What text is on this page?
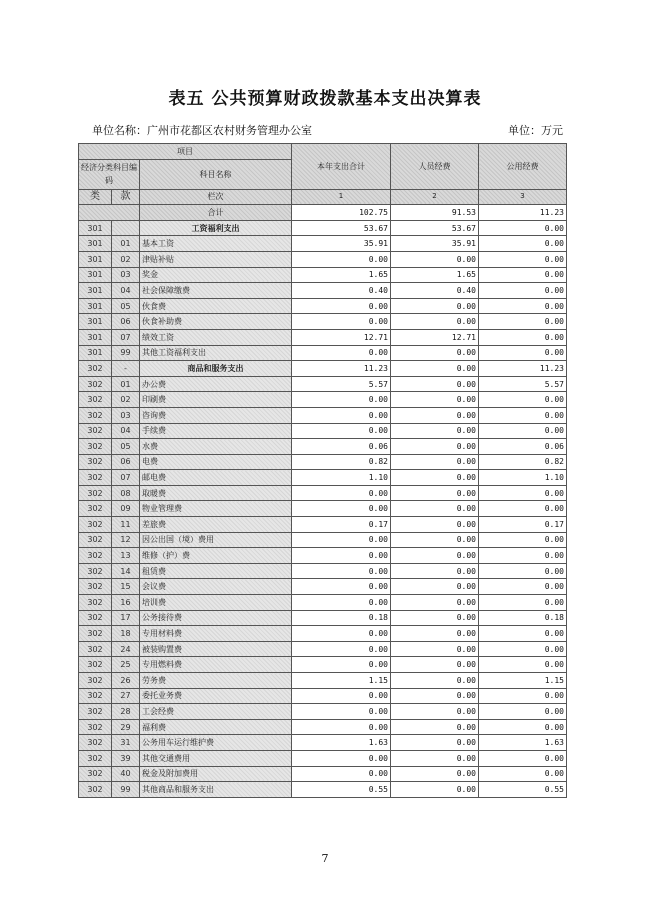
表五 公共预算财政拨款基本支出决算表
单位名称：广州市花都区农村财务管理办公室	单位：万元
项目			本年支出合计	人员经费	公用经费
经济分类科目编码		科目名称			

类	款				
		栏次	1	2	3
		合计	102.75	91.53	11.23
301		工资福利支出	53.67	53.67	0.00
301	01	基本工资	35.91	35.91	0.00
301	02	津贴补贴	0.00	0.00	0.00
301	03	奖金	1.65	1.65	0.00
301	04	社会保障缴费	0.40	0.40	0.00
301	05	伙食费	0.00	0.00	0.00
301	06	伙食补助费	0.00	0.00	0.00
301	07	绩效工资	12.71	12.71	0.00
301	99	其他工资福利支出	0.00	0.00	0.00
302	-	商品和服务支出	11.23	0.00	11.23
302	01	办公费	5.57	0.00	5.57
302	02	印刷费	0.00	0.00	0.00
302	03	咨询费	0.00	0.00	0.00
302	04	手续费	0.00	0.00	0.00
302	05	水费	0.06	0.00	0.06
302	06	电费	0.82	0.00	0.82
302	07	邮电费	1.10	0.00	1.10
302	08	取暖费	0.00	0.00	0.00
302	09	物业管理费	0.00	0.00	0.00
302	11	差旅费	0.17	0.00	0.17
302	12	因公出国（境）费用	0.00	0.00	0.00
302	13	维修（护）费	0.00	0.00	0.00
302	14	租赁费	0.00	0.00	0.00
302	15	会议费	0.00	0.00	0.00
302	16	培训费	0.00	0.00	0.00
302	17	公务接待费	0.18	0.00	0.18
302	18	专用材料费	0.00	0.00	0.00
302	24	被装购置费	0.00	0.00	0.00
302	25	专用燃料费	0.00	0.00	0.00
302	26	劳务费	1.15	0.00	1.15
302	27	委托业务费	0.00	0.00	0.00
302	28	工会经费	0.00	0.00	0.00
302	29	福利费	0.00	0.00	0.00
302	31	公务用车运行维护费	1.63	0.00	1.63
302	39	其他交通费用	0.00	0.00	0.00
302	40	税金及附加费用	0.00	0.00	0.00
302	99	其他商品和服务支出	0.55	0.00	0.55
7
